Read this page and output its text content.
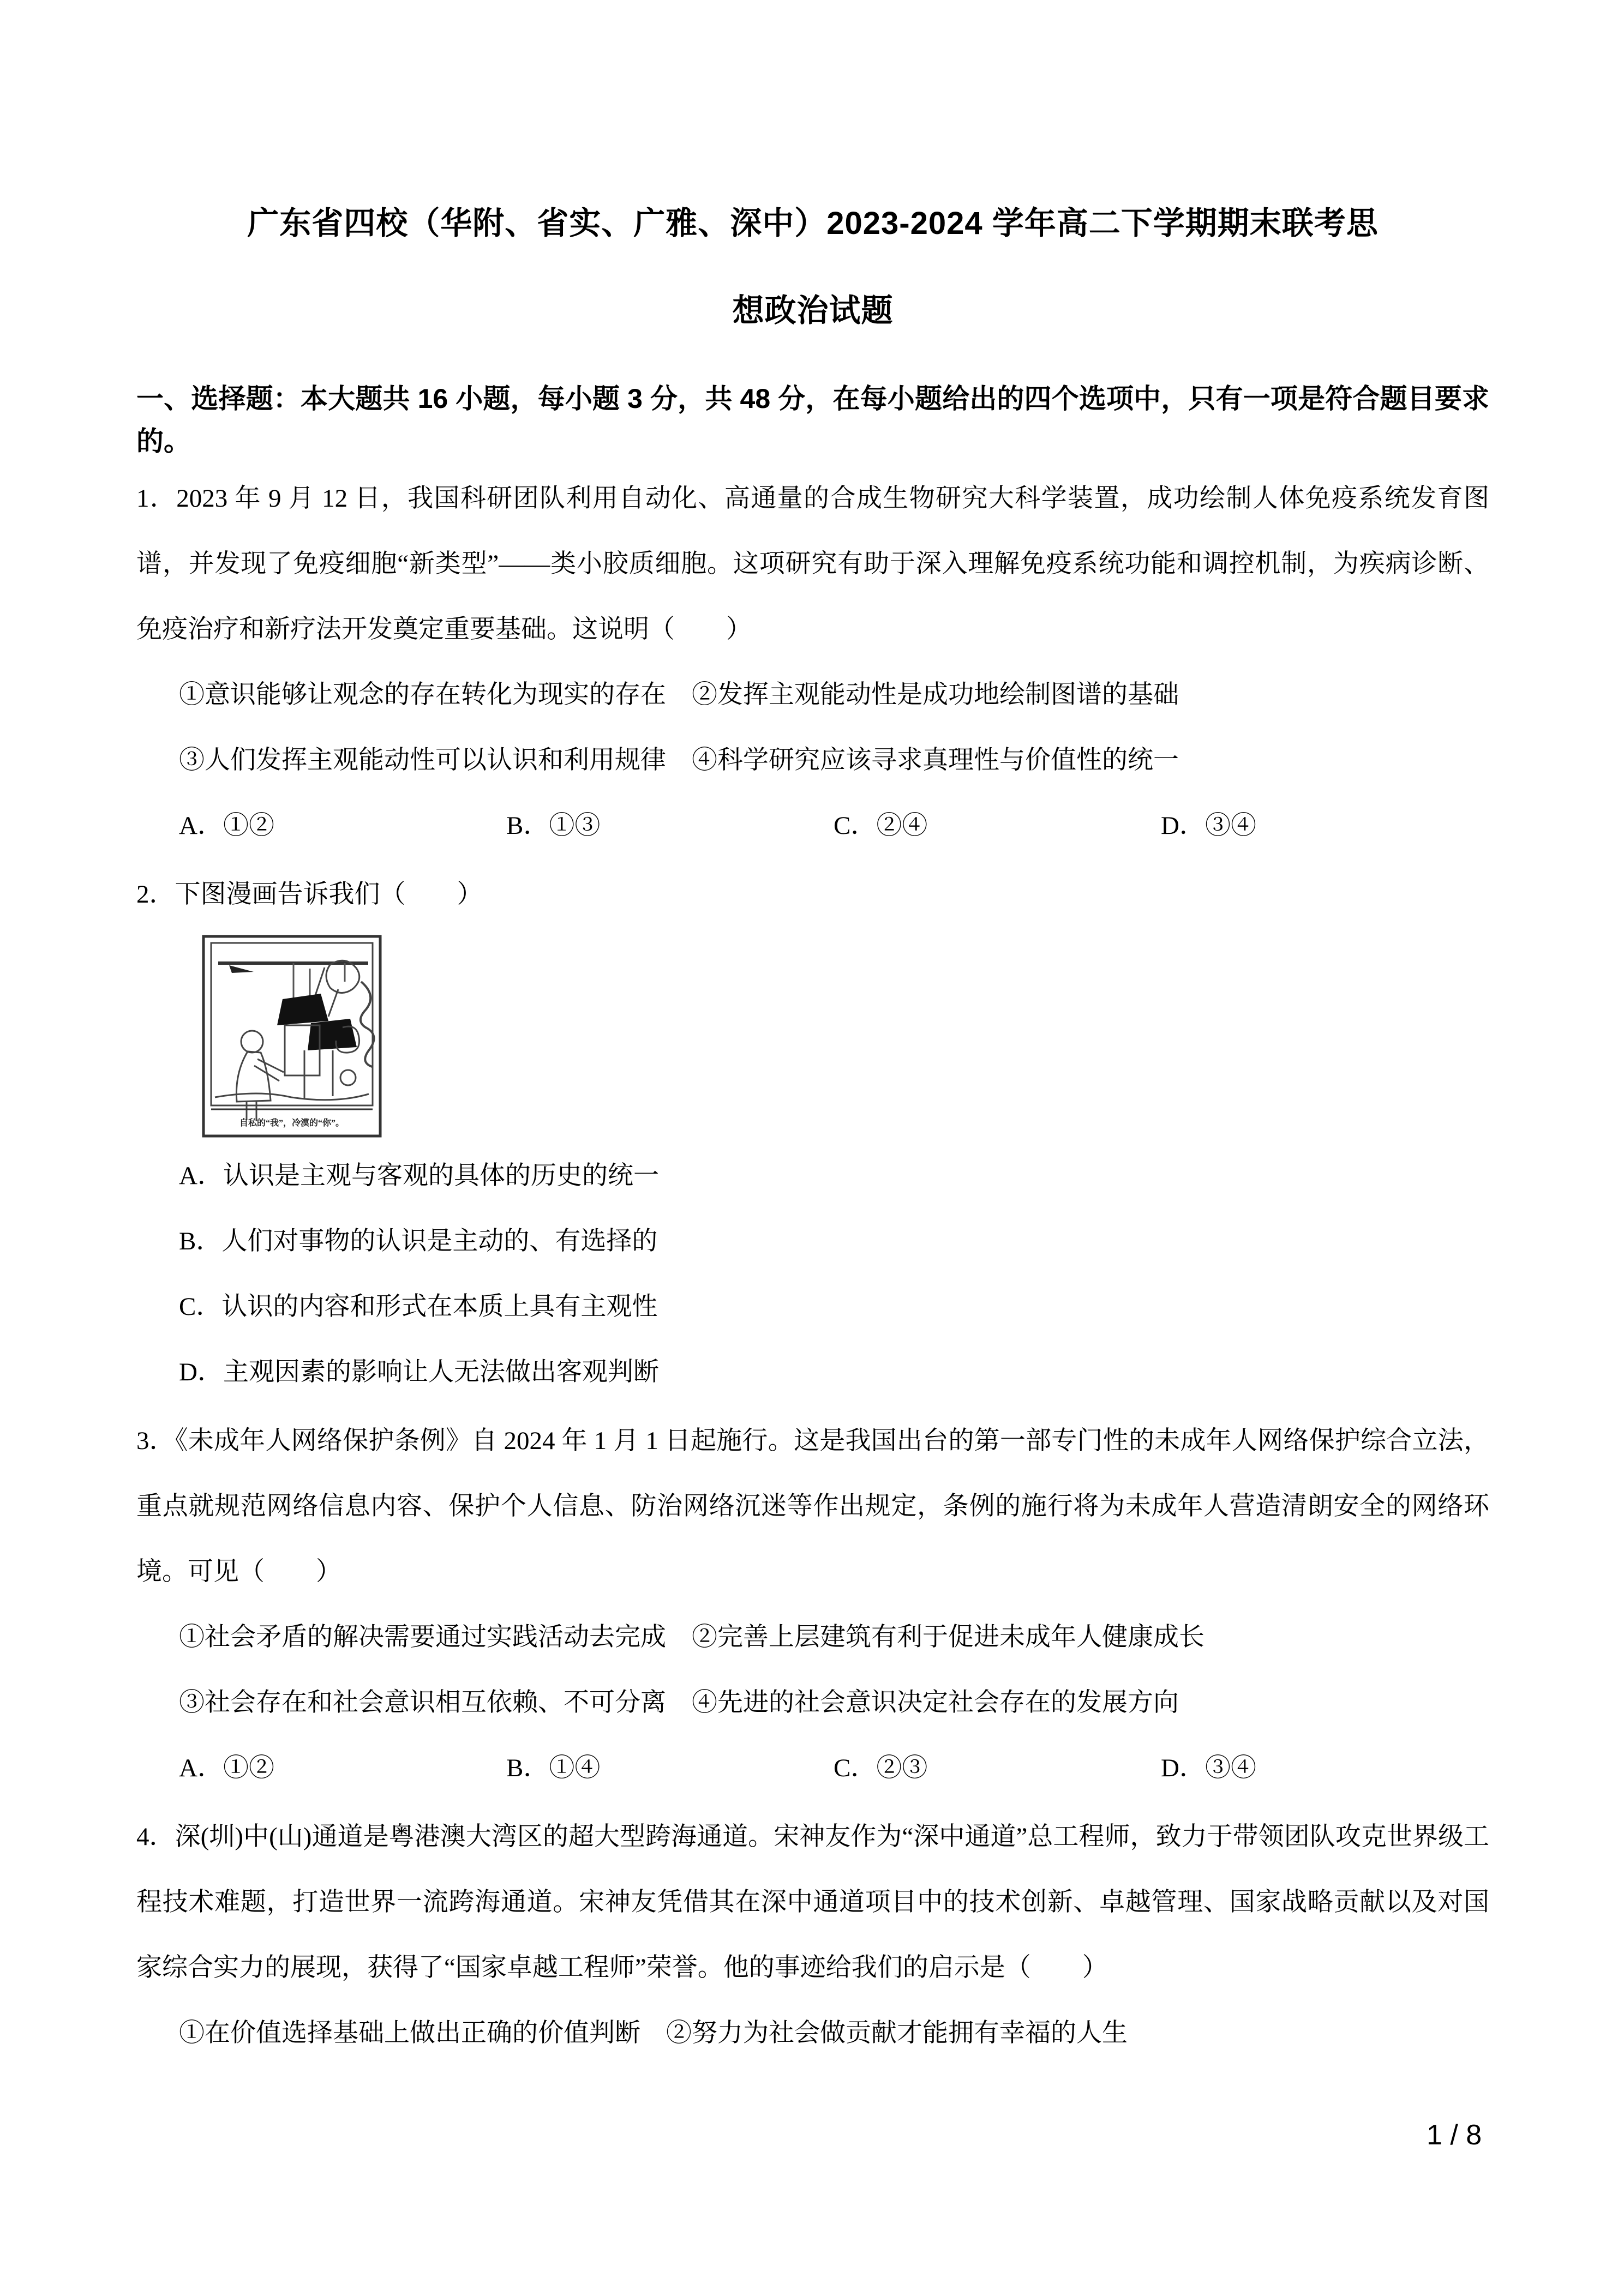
广东省四校（华附、省实、广雅、深中）2023-2024 学年高二下学期期末联考思
想政治试题
一、选择题：本大题共 16 小题，每小题 3 分，共 48 分，在每小题给出的四个选项中，只有一项是符合题目要求的。

1．2023 年 9 月 12 日，我国科研团队利用自动化、高通量的合成生物研究大科学装置，成功绘制人体免疫系统发育图谱，并发现了免疫细胞“新类型”——类小胶质细胞。这项研究有助于深入理解免疫系统功能和调控机制，为疾病诊断、免疫治疗和新疗法开发奠定重要基础。这说明（　　）

①意识能够让观念的存在转化为现实的存在　②发挥主观能动性是成功地绘制图谱的基础

③人们发挥主观能动性可以认识和利用规律　④科学研究应该寻求真理性与价值性的统一

A．①②	B．①③	C．②④	D．③④

2．下图漫画告诉我们（　　）

自私的“我”，冷漠的“你”。

A．认识是主观与客观的具体的历史的统一

B．人们对事物的认识是主动的、有选择的

C．认识的内容和形式在本质上具有主观性

D．主观因素的影响让人无法做出客观判断

3．《未成年人网络保护条例》自 2024 年 1 月 1 日起施行。这是我国出台的第一部专门性的未成年人网络保护综合立法，重点就规范网络信息内容、保护个人信息、防治网络沉迷等作出规定，条例的施行将为未成年人营造清朗安全的网络环境。可见（　　）

①社会矛盾的解决需要通过实践活动去完成　②完善上层建筑有利于促进未成年人健康成长

③社会存在和社会意识相互依赖、不可分离　④先进的社会意识决定社会存在的发展方向

A．①②	B．①④	C．②③	D．③④

4．深(圳)中(山)通道是粤港澳大湾区的超大型跨海通道。宋神友作为“深中通道”总工程师，致力于带领团队攻克世界级工程技术难题，打造世界一流跨海通道。宋神友凭借其在深中通道项目中的技术创新、卓越管理、国家战略贡献以及对国家综合实力的展现，获得了“国家卓越工程师”荣誉。他的事迹给我们的启示是（　　）

①在价值选择基础上做出正确的价值判断　②努力为社会做贡献才能拥有幸福的人生

1 / 8
